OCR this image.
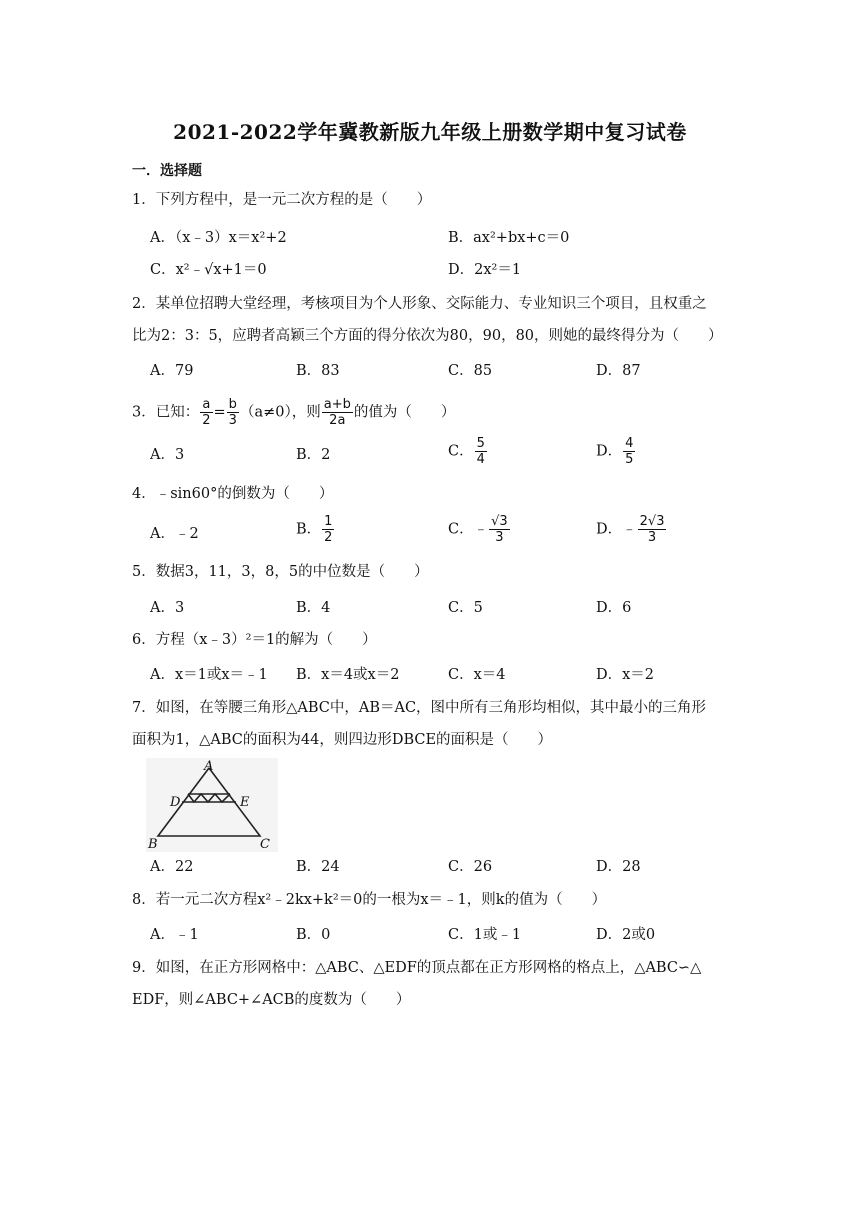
2021-2022学年冀教新版九年级上册数学期中复习试卷
一．选择题
1．下列方程中，是一元二次方程的是（　　）
A．（x﹣3）x＝x²+2	B．ax²+bx+c＝0
C．x²﹣√x+1＝0	D．2x²＝1
2．某单位招聘大堂经理，考核项目为个人形象、交际能力、专业知识三个项目，且权重之
比为2：3：5，应聘者高颖三个方面的得分依次为80，90，80，则她的最终得分为（　　）
A．79	B．83	C．85	D．87
3．已知： $\frac{a}{2} = \frac{b}{3} (a\ne 0)$，则 $\frac{a+b}{2a}$ 的值为（　　）
A．3	B．2	C． $\frac{5}{4}$	D． $\frac{4}{5}$
4．﹣sin60°的倒数为（　　）
A．﹣2	B． $\frac{1}{2}$	C．﹣ $\frac{√3}{3}$	D．﹣ $\frac{2√3}{3}$
5．数据3，11，3，8，5的中位数是（　　）
A．3	B．4	C．5	D．6
6．方程（x﹣3）²＝1的解为（　　）
A．x＝1或x＝﹣1 B．x＝4或x＝2	C．x＝4	D．x＝2
7．如图，在等腰三角形△ABC中，AB＝AC，图中所有三角形均相似，其中最小的三角形
面积为1，△ABC的面积为44，则四边形DBCE的面积是（　　）
A
D	E
B	C
A．22	B．24	C．26	D．28
8．若一元二次方程x²﹣2kx+k²＝0的一根为x＝﹣1，则k的值为（　　）
A．﹣1	B．0	C．1或﹣1	D．2或0
9．如图，在正方形网格中：△ABC、△EDF的顶点都在正方形网格的格点上，△ABC∽△
EDF，则∠ABC+∠ACB的度数为（　　）
